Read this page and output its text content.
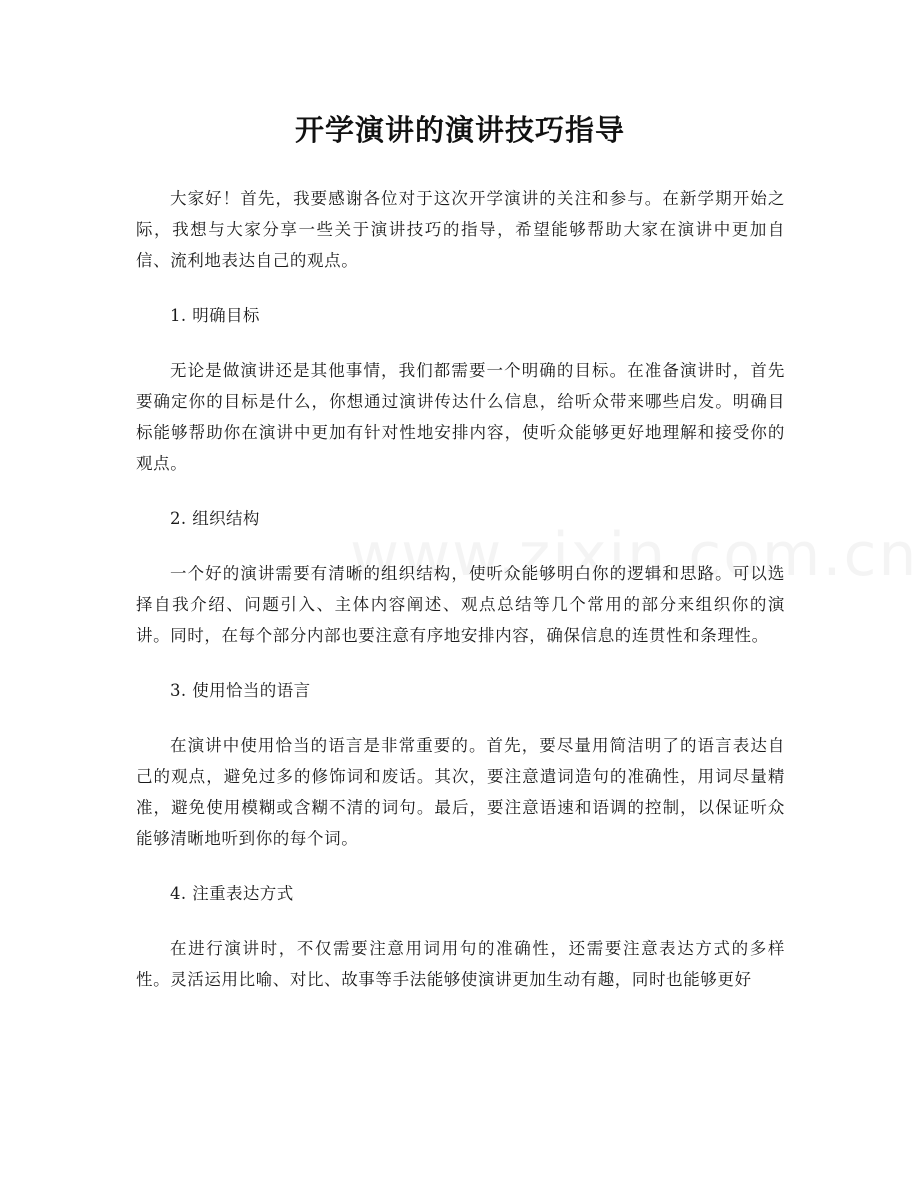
开学演讲的演讲技巧指导

大家好！首先，我要感谢各位对于这次开学演讲的关注和参与。在新学期开始之际，我想与大家分享一些关于演讲技巧的指导，希望能够帮助大家在演讲中更加自信、流利地表达自己的观点。

1. 明确目标

无论是做演讲还是其他事情，我们都需要一个明确的目标。在准备演讲时，首先要确定你的目标是什么，你想通过演讲传达什么信息，给听众带来哪些启发。明确目标能够帮助你在演讲中更加有针对性地安排内容，使听众能够更好地理解和接受你的观点。

2. 组织结构

一个好的演讲需要有清晰的组织结构，使听众能够明白你的逻辑和思路。可以选择自我介绍、问题引入、主体内容阐述、观点总结等几个常用的部分来组织你的演讲。同时，在每个部分内部也要注意有序地安排内容，确保信息的连贯性和条理性。

3. 使用恰当的语言

在演讲中使用恰当的语言是非常重要的。首先，要尽量用简洁明了的语言表达自己的观点，避免过多的修饰词和废话。其次，要注意遣词造句的准确性，用词尽量精准，避免使用模糊或含糊不清的词句。最后，要注意语速和语调的控制，以保证听众能够清晰地听到你的每个词。

4. 注重表达方式

在进行演讲时，不仅需要注意用词用句的准确性，还需要注意表达方式的多样性。灵活运用比喻、对比、故事等手法能够使演讲更加生动有趣，同时也能够更好
